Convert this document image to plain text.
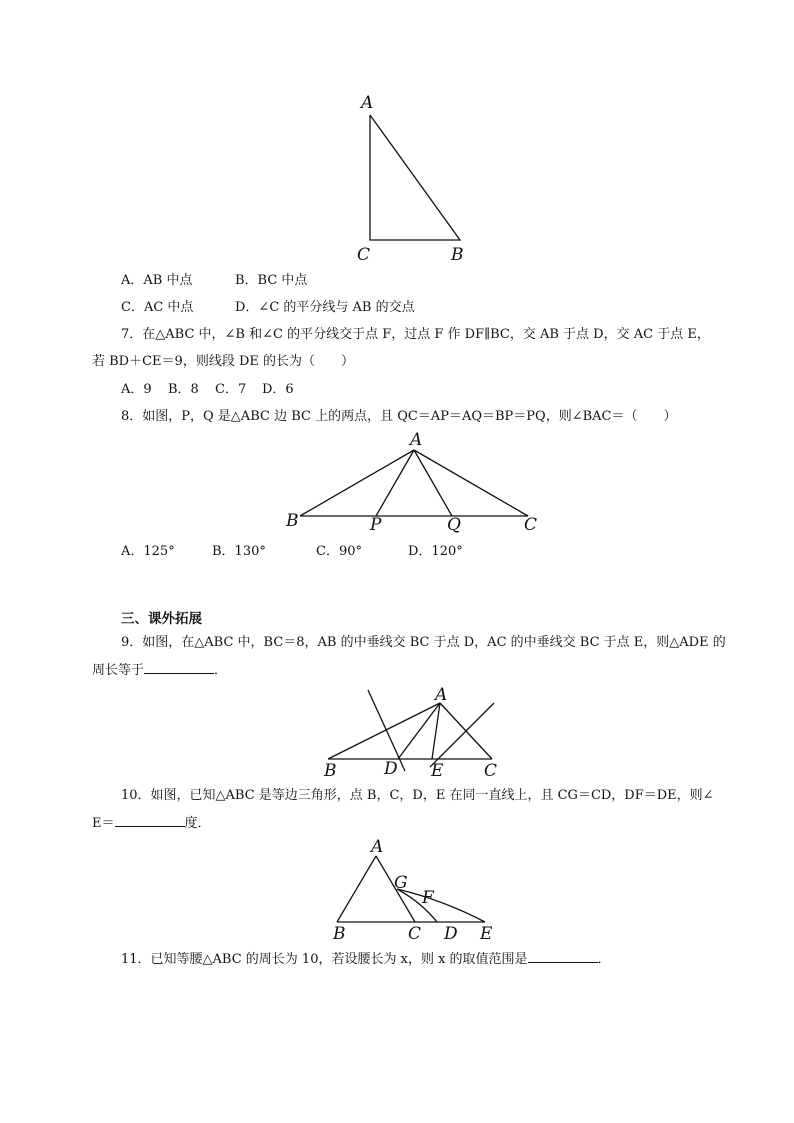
A
C	B
A．AB 中点	B．BC 中点
C．AC 中点	D．∠C 的平分线与 AB 的交点
7．在△ABC 中，∠B 和∠C 的平分线交于点 F，过点 F 作 DF∥BC，交 AB 于点 D，交 AC 于点 E，
若 BD＋CE＝9，则线段 DE 的长为（　　）
A．9 B．8 C．7 D．6
8．如图，P，Q 是△ABC 边 BC 上的两点，且 QC＝AP＝AQ＝BP＝PQ，则∠BAC＝（　　）
A
B	P	Q	C
A．125°	B．130°	C．90°	D．120°
三、课外拓展
9．如图，在△ABC 中，BC＝8，AB 的中垂线交 BC 于点 D，AC 的中垂线交 BC 于点 E，则△ADE 的
周长等于	．
A
B	D E C
10．如图，已知△ABC 是等边三角形，点 B，C，D，E 在同一直线上，且 CG＝CD，DF＝DE，则∠
E＝	度．
A
G
F
B	C D E
11．已知等腰△ABC 的周长为 10，若设腰长为 x，则 x 的取值范围是	．
